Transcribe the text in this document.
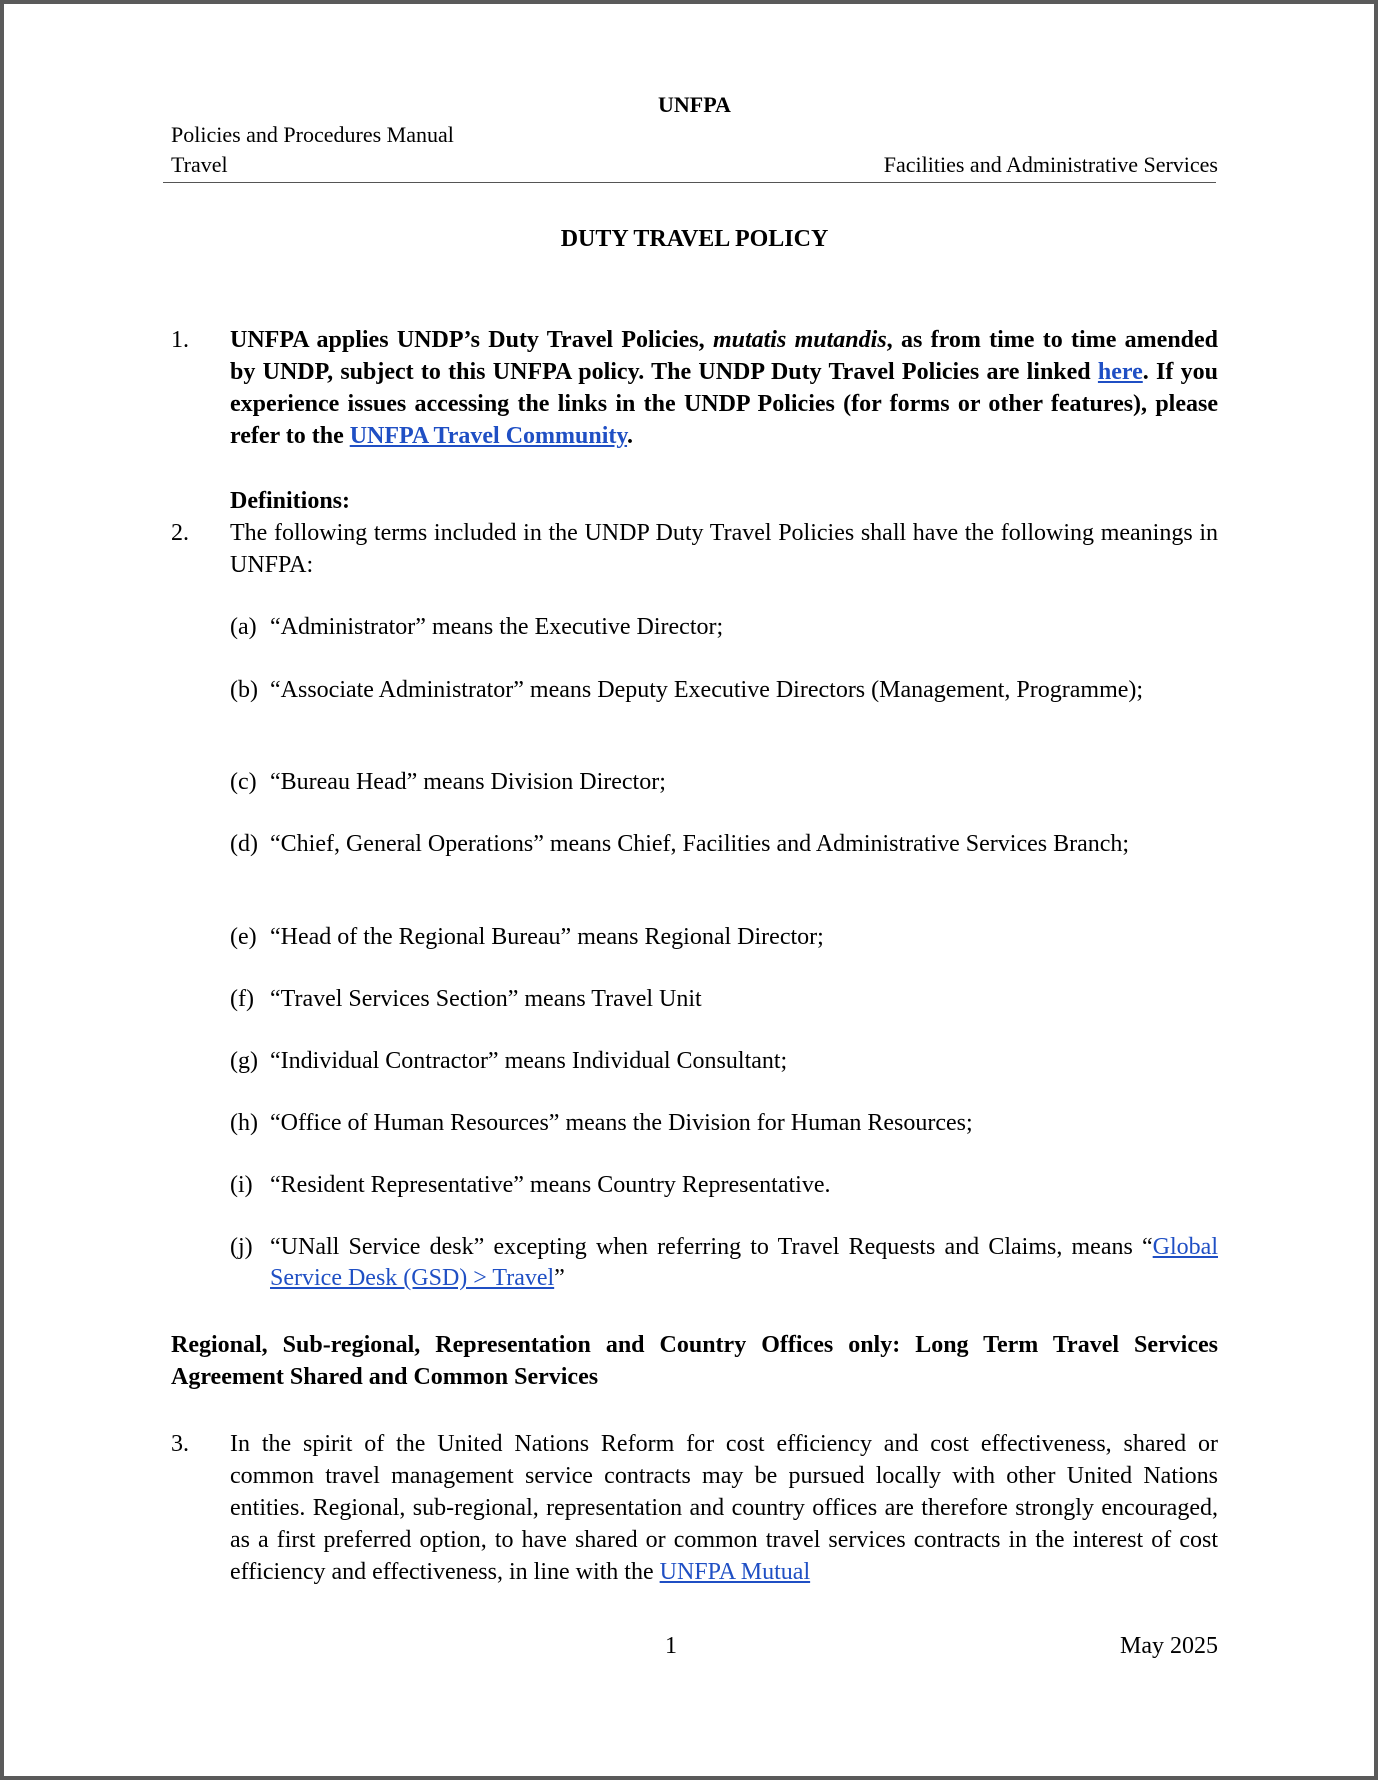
UNFPA
Policies and Procedures Manual
Travel	Facilities and Administrative Services
DUTY TRAVEL POLICY
1. UNFPA applies UNDP’s Duty Travel Policies, mutatis mutandis, as from time to time amended by UNDP, subject to this UNFPA policy. The UNDP Duty Travel Policies are linked here. If you experience issues accessing the links in the UNDP Policies (for forms or other features), please refer to the UNFPA Travel Community.
Definitions:
2. The following terms included in the UNDP Duty Travel Policies shall have the following meanings in UNFPA:
(a) “Administrator” means the Executive Director;
(b) “Associate Administrator” means Deputy Executive Directors (Management, Programme);
(c) “Bureau Head” means Division Director;
(d) “Chief, General Operations” means Chief, Facilities and Administrative Services Branch;
(e) “Head of the Regional Bureau” means Regional Director;
(f) “Travel Services Section” means Travel Unit
(g) “Individual Contractor” means Individual Consultant;
(h) “Office of Human Resources” means the Division for Human Resources;
(i) “Resident Representative” means Country Representative.
(j) “UNall Service desk” excepting when referring to Travel Requests and Claims, means “Global Service Desk (GSD) > Travel”
Regional, Sub-regional, Representation and Country Offices only: Long Term Travel Services Agreement Shared and Common Services
3. In the spirit of the United Nations Reform for cost efficiency and cost effectiveness, shared or common travel management service contracts may be pursued locally with other United Nations entities. Regional, sub-regional, representation and country offices are therefore strongly encouraged, as a first preferred option, to have shared or common travel services contracts in the interest of cost efficiency and effectiveness, in line with the UNFPA Mutual
1	May 2025
